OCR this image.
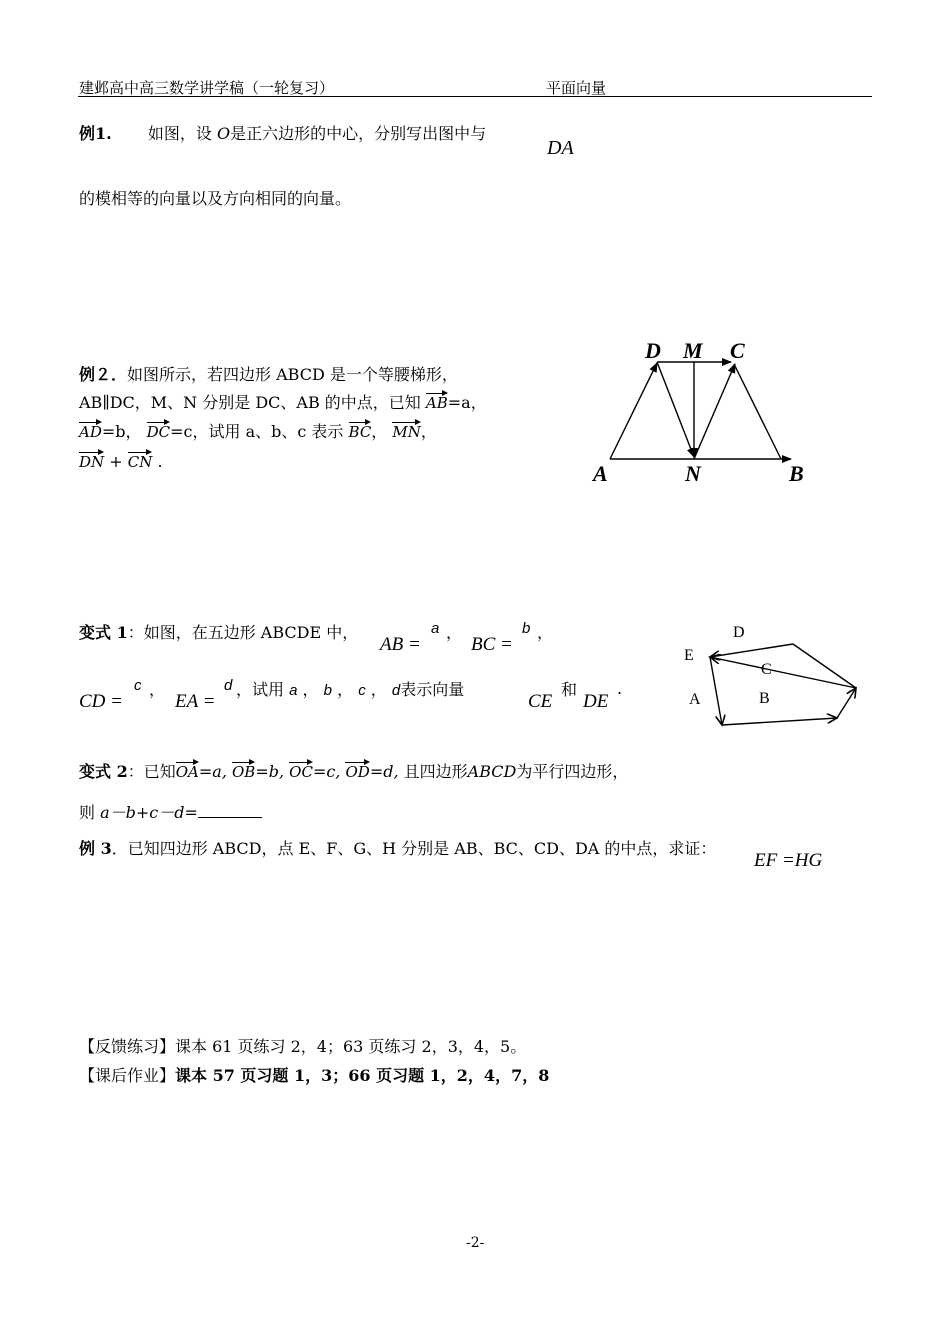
建邺高中高三数学讲学稿（一轮复习）	平面向量
例1. 如图，设 O是正六边形的中心，分别写出图中与
DA
的模相等的向量以及方向相同的向量。
例２．如图所示，若四边形 ABCD 是一个等腰梯形，
AB∥DC，M、N 分别是 DC、AB 的中点，已知 AB=a，
AD=b， DC=c，试用 a、b、c 表示 BC， MN，
DN + CN .
D M C
A	N	B
变式 1：如图，在五边形 ABCDE 中，
AB =
a ，
BC =
b ，
CD =
c ，
EA =
d ，试用 a ， b ， c ， d表示向量
CE
和
DE
.
D
E
C
B
A
变式 2：已知OA=a, OB=b, OC=c, OD=d, 且四边形ABCD为平行四边形，
则 a－b+c－d=
例 3．已知四边形 ABCD，点 E、F、G、H 分别是 AB、BC、CD、DA 的中点，求证：
EF =HG
【反馈练习】课本 61 页练习 2，4；63 页练习 2，3，4，5。
【课后作业】课本 57 页习题 1，3；66 页习题 1，2，4，7，8
-2-
